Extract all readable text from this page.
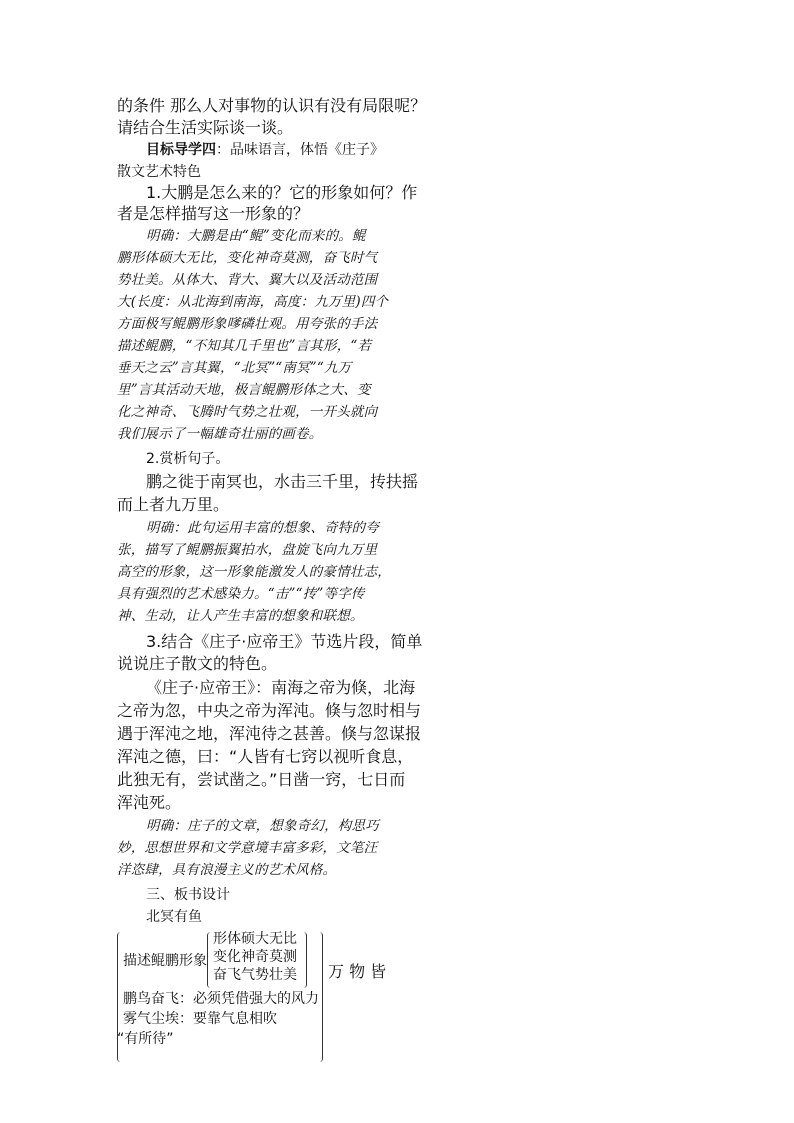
的条件 那么人对事物的认识有没有局限呢？
请结合生活实际谈一谈。
目标导学四：品味语言，体悟《庄子》
散文艺术特色
1.大鹏是怎么来的？它的形象如何？作
者是怎样描写这一形象的？
明确：大鹏是由“鲲”变化而来的。鲲
鹏形体硕大无比，变化神奇莫测，奋飞时气
势壮美。从体大、背大、翼大以及活动范围
大(长度：从北海到南海，高度：九万里)四个
方面极写鲲鹏形象嗲磷壮观。用夸张的手法
描述鲲鹏，“不知其几千里也”言其形，“若
垂天之云”言其翼，“北冥”“南冥”“九万
里”言其活动天地，极言鲲鹏形体之大、变
化之神奇、飞腾时气势之壮观，一开头就向
我们展示了一幅雄奇壮丽的画卷。
2.赏析句子。
鹏之徙于南冥也，水击三千里，抟扶摇
而上者九万里。
明确：此句运用丰富的想象、奇特的夸
张，描写了鲲鹏振翼拍水，盘旋飞向九万里
高空的形象，这一形象能激发人的豪情壮志，
具有强烈的艺术感染力。“击”“抟”等字传
神、生动，让人产生丰富的想象和联想。
3.结合《庄子·应帝王》节选片段，简单
说说庄子散文的特色。
《庄子·应帝王》：南海之帝为倏，北海
之帝为忽，中央之帝为浑沌。倏与忽时相与
遇于浑沌之地，浑沌待之甚善。倏与忽谋报
浑沌之德，曰：“人皆有七窍以视听食息，
此独无有，尝试凿之。”日凿一窍，七日而
浑沌死。
明确：庄子的文章，想象奇幻，构思巧
妙，思想世界和文学意境丰富多彩，文笔汪
洋恣肆，具有浪漫主义的艺术风格。
三、板书设计
北冥有鱼
描述鲲鹏形象
形体硕大无比
变化神奇莫测
奋飞气势壮美
鹏鸟奋飞：必须凭借强大的风力
雾气尘埃：要靠气息相吹
万 物 皆
“有所待”
